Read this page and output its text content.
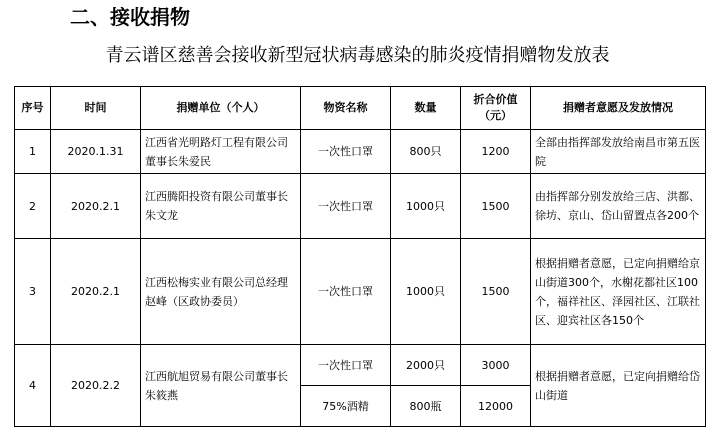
二、接收捐物
青云谱区慈善会接收新型冠状病毒感染的肺炎疫情捐赠物发放表
序号	时间	捐赠单位（个人）	物资名称	数量	折合价值（元）	捐赠者意愿及发放情况
1	2020.1.31	江西省光明路灯工程有限公司董事长朱爱民	一次性口罩	800只	1200	全部由指挥部发放给南昌市第五医院
2	2020.2.1	江西腾阳投资有限公司董事长朱文龙	一次性口罩	1000只	1500	由指挥部分别发放给三店、洪都、徐坊、京山、岱山留置点各200个
3	2020.2.1	江西松梅实业有限公司总经理赵峰（区政协委员）	一次性口罩	1000只	1500	根据捐赠者意愿，已定向捐赠给京山街道300个，水榭花都社区100个，福祥社区、泽园社区、江联社区、迎宾社区各150个
4	2020.2.2	江西航旭贸易有限公司董事长朱筱燕	一次性口罩	2000只	3000	根据捐赠者意愿，已定向捐赠给岱山街道
			75%酒精	800瓶	12000	
